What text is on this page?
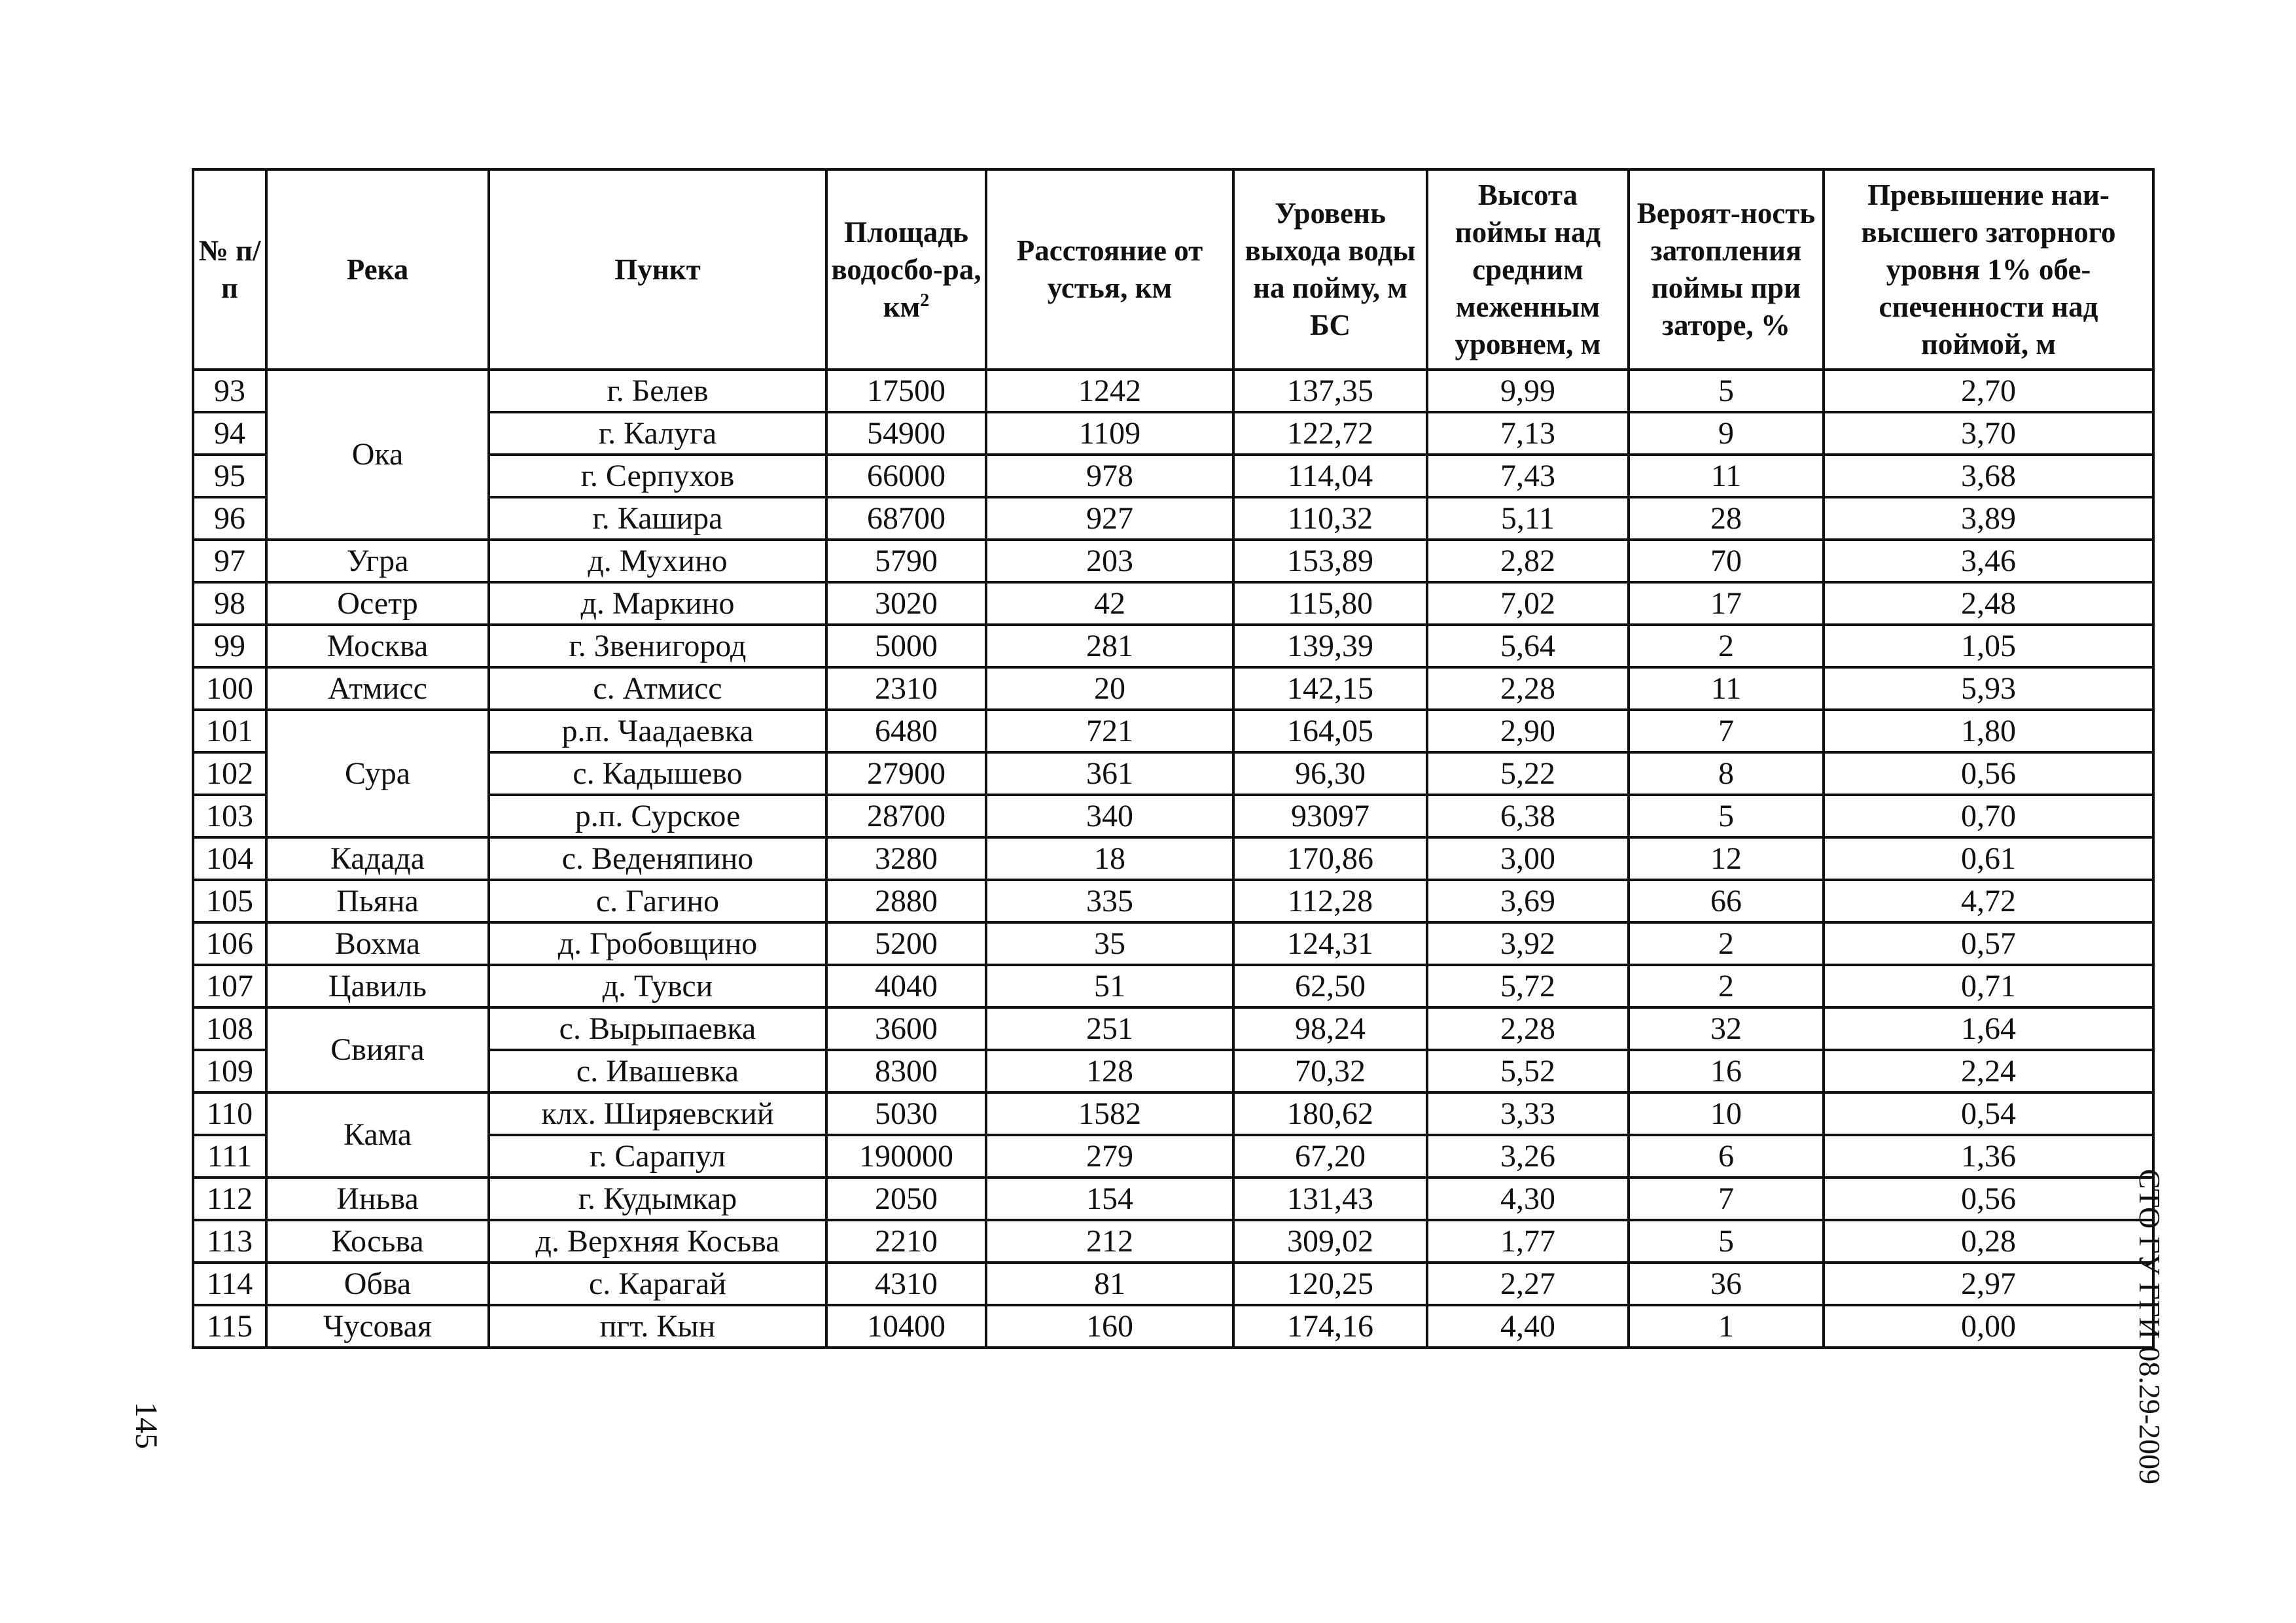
№ п/п	Река	Пункт	Площадь водосбо-ра, $км^2$	Расстояние от устья, км	Уровень выхода воды на пойму, м БС	Высота поймы над средним меженным уровнем, м	Вероят-ность затопления поймы при заторе, %	Превышение наи-высшего заторного уровня 1% обе-спеченности над поймой, м
93	Ока	г. Белев	17500	1242	137,35	9,99	5	2,70
94		г. Калуга	54900	1109	122,72	7,13	9	3,70
95		г. Серпухов	66000	978	114,04	7,43	11	3,68
96		г. Кашира	68700	927	110,32	5,11	28	3,89
97	Угра	д. Мухино	5790	203	153,89	2,82	70	3,46
98	Осетр	д. Маркино	3020	42	115,80	7,02	17	2,48
99	Москва	г. Звенигород	5000	281	139,39	5,64	2	1,05
100	Атмисс	с. Атмисс	2310	20	142,15	2,28	11	5,93
101	Сура	р.п. Чаадаевка	6480	721	164,05	2,90	7	1,80
102		с. Кадышево	27900	361	96,30	5,22	8	0,56
103		р.п. Сурское	28700	340	93097	6,38	5	0,70
104	Кадада	с. Веденяпино	3280	18	170,86	3,00	12	0,61
105	Пьяна	с. Гагино	2880	335	112,28	3,69	66	4,72
106	Вохма	д. Гробовщино	5200	35	124,31	3,92	2	0,57
107	Цавиль	д. Тувси	4040	51	62,50	5,72	2	0,71
108	Свияга	с. Вырыпаевка	3600	251	98,24	2,28	32	1,64
109		с. Ивашевка	8300	128	70,32	5,52	16	2,24
110	Кама	клх. Ширяевский	5030	1582	180,62	3,33	10	0,54
111		г. Сарапул	190000	279	67,20	3,26	6	1,36
112	Иньва	г. Кудымкар	2050	154	131,43	4,30	7	0,56
113	Косьва	д. Верхняя Косьва	2210	212	309,02	1,77	5	0,28
114	Обва	с. Карагай	4310	81	120,25	2,27	36	2,97
115	Чусовая	пгт. Кын	10400	160	174,16	4,40	1	0,00
145	СТО ГУ ГГИ 08.29-2009
